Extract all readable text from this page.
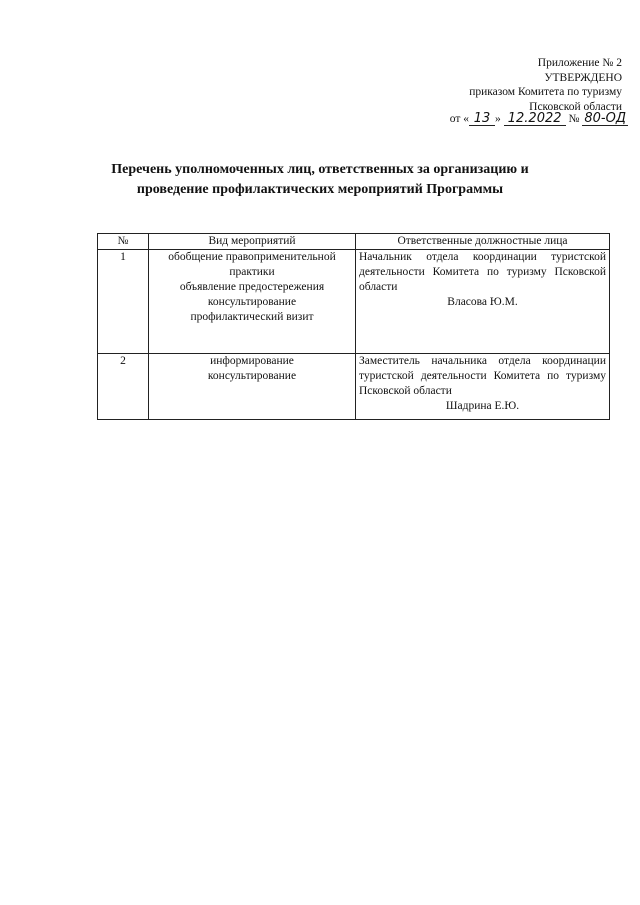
Приложение № 2
УТВЕРЖДЕНО
приказом Комитета по туризму
Псковской области
от « 13 » 12.2022 № 80-ОД
Перечень уполномоченных лиц, ответственных за организацию и
проведение профилактических мероприятий Программы
№	Вид мероприятий	Ответственные должностные лица
1	обобщение правоприменительной практики
объявление предостережения
консультирование
профилактический визит	Начальник отдела координации туристской деятельности Комитета по туризму Псковской области
Власова Ю.М.

2	информирование
консультирование	Заместитель начальника отдела координации туристской деятельности Комитета по туризму Псковской области
Шадрина Е.Ю.
